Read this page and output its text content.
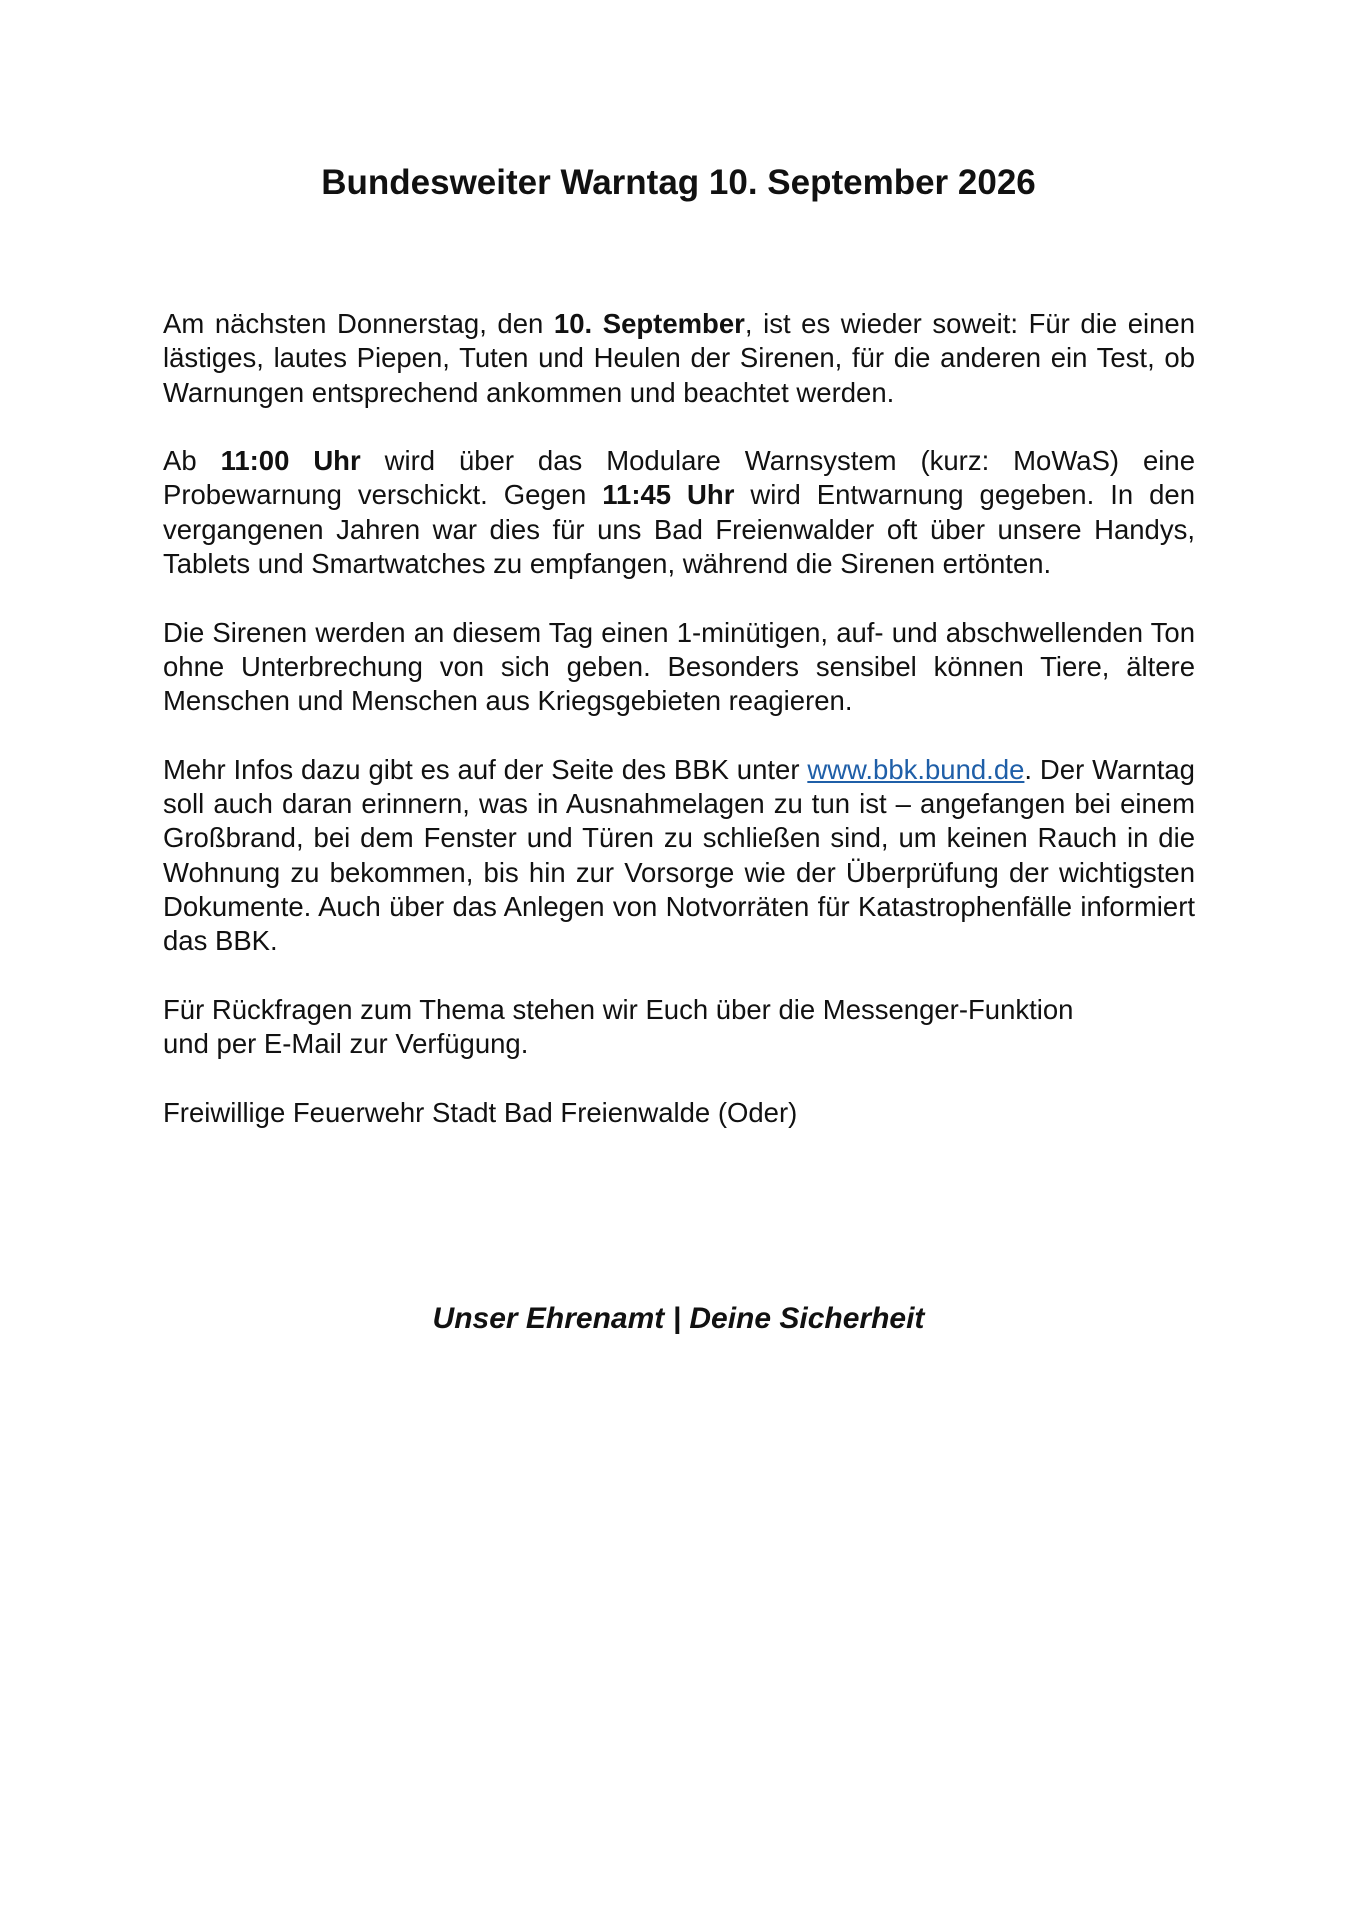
Bundesweiter Warntag 10. September 2026

Am nächsten Donnerstag, den 10. September, ist es wieder soweit: Für die einen lästiges, lautes Piepen, Tuten und Heulen der Sirenen, für die anderen ein Test, ob Warnungen entsprechend ankommen und beachtet werden.

Ab 11:00 Uhr wird über das Modulare Warnsystem (kurz: MoWaS) eine Probewarnung verschickt. Gegen 11:45 Uhr wird Entwarnung gegeben. In den vergangenen Jahren war dies für uns Bad Freienwalder oft über unsere Handys, Tablets und Smartwatches zu empfangen, während die Sirenen ertönten.

Die Sirenen werden an diesem Tag einen 1-minütigen, auf- und abschwellenden Ton ohne Unterbrechung von sich geben. Besonders sensibel können Tiere, ältere Menschen und Menschen aus Kriegsgebieten reagieren.

Mehr Infos dazu gibt es auf der Seite des BBK unter www.bbk.bund.de. Der Warntag soll auch daran erinnern, was in Ausnahmelagen zu tun ist – angefangen bei einem Großbrand, bei dem Fenster und Türen zu schließen sind, um keinen Rauch in die Wohnung zu bekommen, bis hin zur Vorsorge wie der Überprüfung der wichtigsten Dokumente. Auch über das Anlegen von Notvorräten für Katastrophenfälle informiert das BBK.

Für Rückfragen zum Thema stehen wir Euch über die Messenger-Funktion
und per E-Mail zur Verfügung.

Freiwillige Feuerwehr Stadt Bad Freienwalde (Oder)

Unser Ehrenamt | Deine Sicherheit
